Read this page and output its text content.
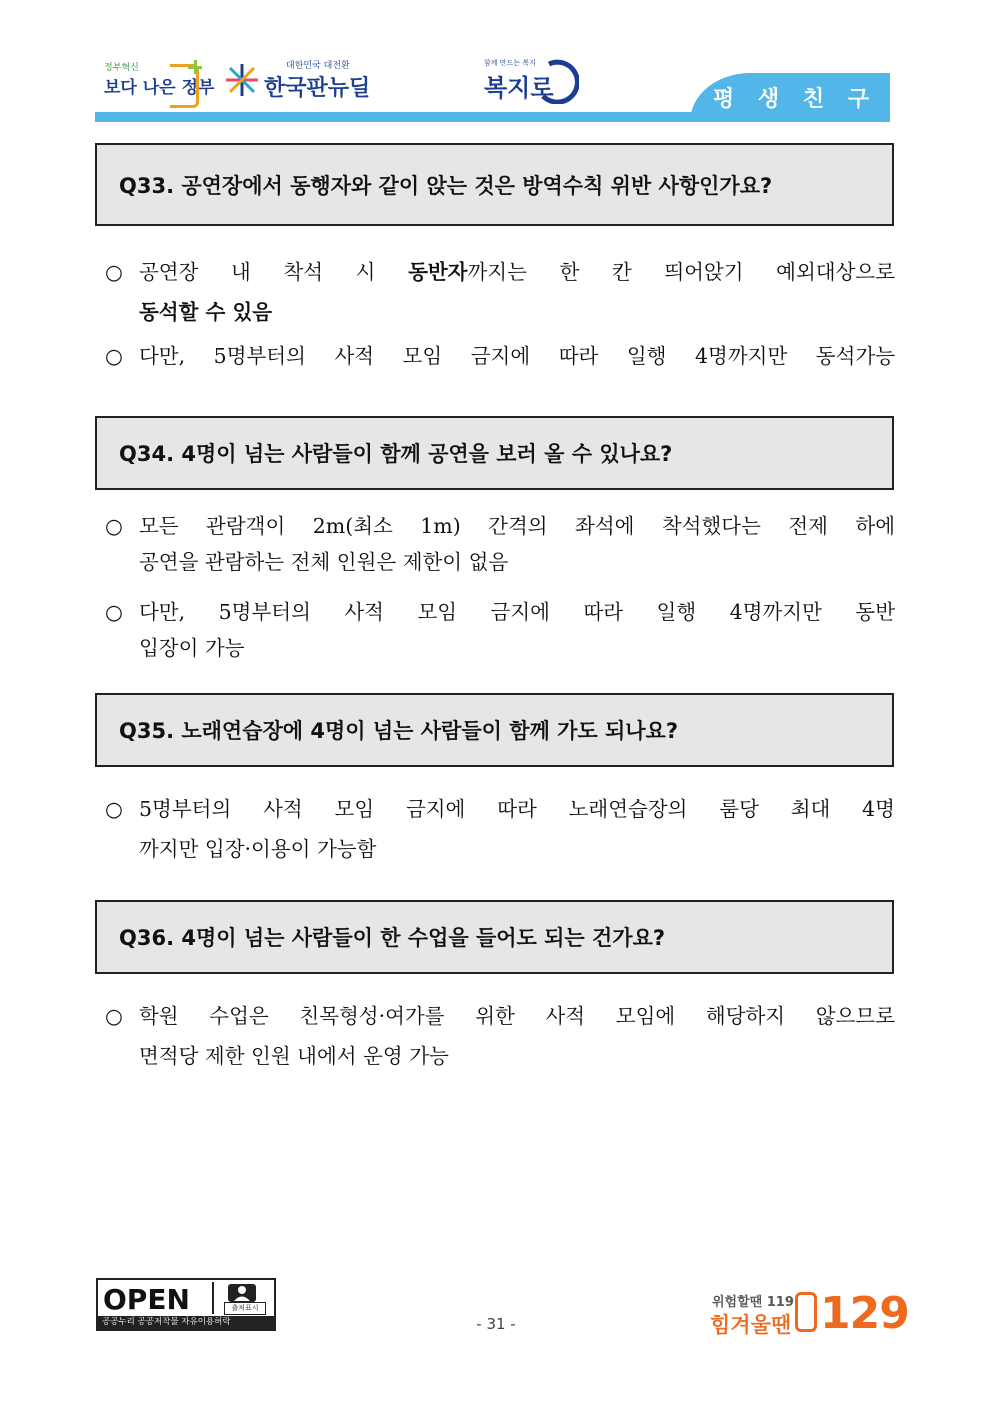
정부혁신
보다 나은 정부
대한민국 대전환
한국판뉴딜
함께 만드는 복지
복지로	평 생 친 구
Q33. 공연장에서 동행자와 같이 앉는 것은 방역수칙 위반 사항인가요?
○ 공연장 내 착석 시 동반자까지는 한 칸 띄어앉기 예외대상으로
동석할 수 있음
○ 다만, 5명부터의 사적 모임 금지에 따라 일행 4명까지만 동석가능
Q34. 4명이 넘는 사람들이 함께 공연을 보러 올 수 있나요?
○ 모든 관람객이 2m(최소 1m) 간격의 좌석에 착석했다는 전제 하에
공연을 관람하는 전체 인원은 제한이 없음
○ 다만, 5명부터의 사적 모임 금지에 따라 일행 4명까지만 동반
입장이 가능
Q35. 노래연습장에 4명이 넘는 사람들이 함께 가도 되나요?
○ 5명부터의 사적 모임 금지에 따라 노래연습장의 룸당 최대 4명
까지만 입장·이용이 가능함
Q36. 4명이 넘는 사람들이 한 수업을 들어도 되는 건가요?
○ 학원 수업은 친목형성·여가를 위한 사적 모임에 해당하지 않으므로
면적당 제한 인원 내에서 운영 가능
OPEN	출처표시
공공누리 공공저작물 자유이용허락	- 31 -
위험할땐 119
힘겨울땐 129
